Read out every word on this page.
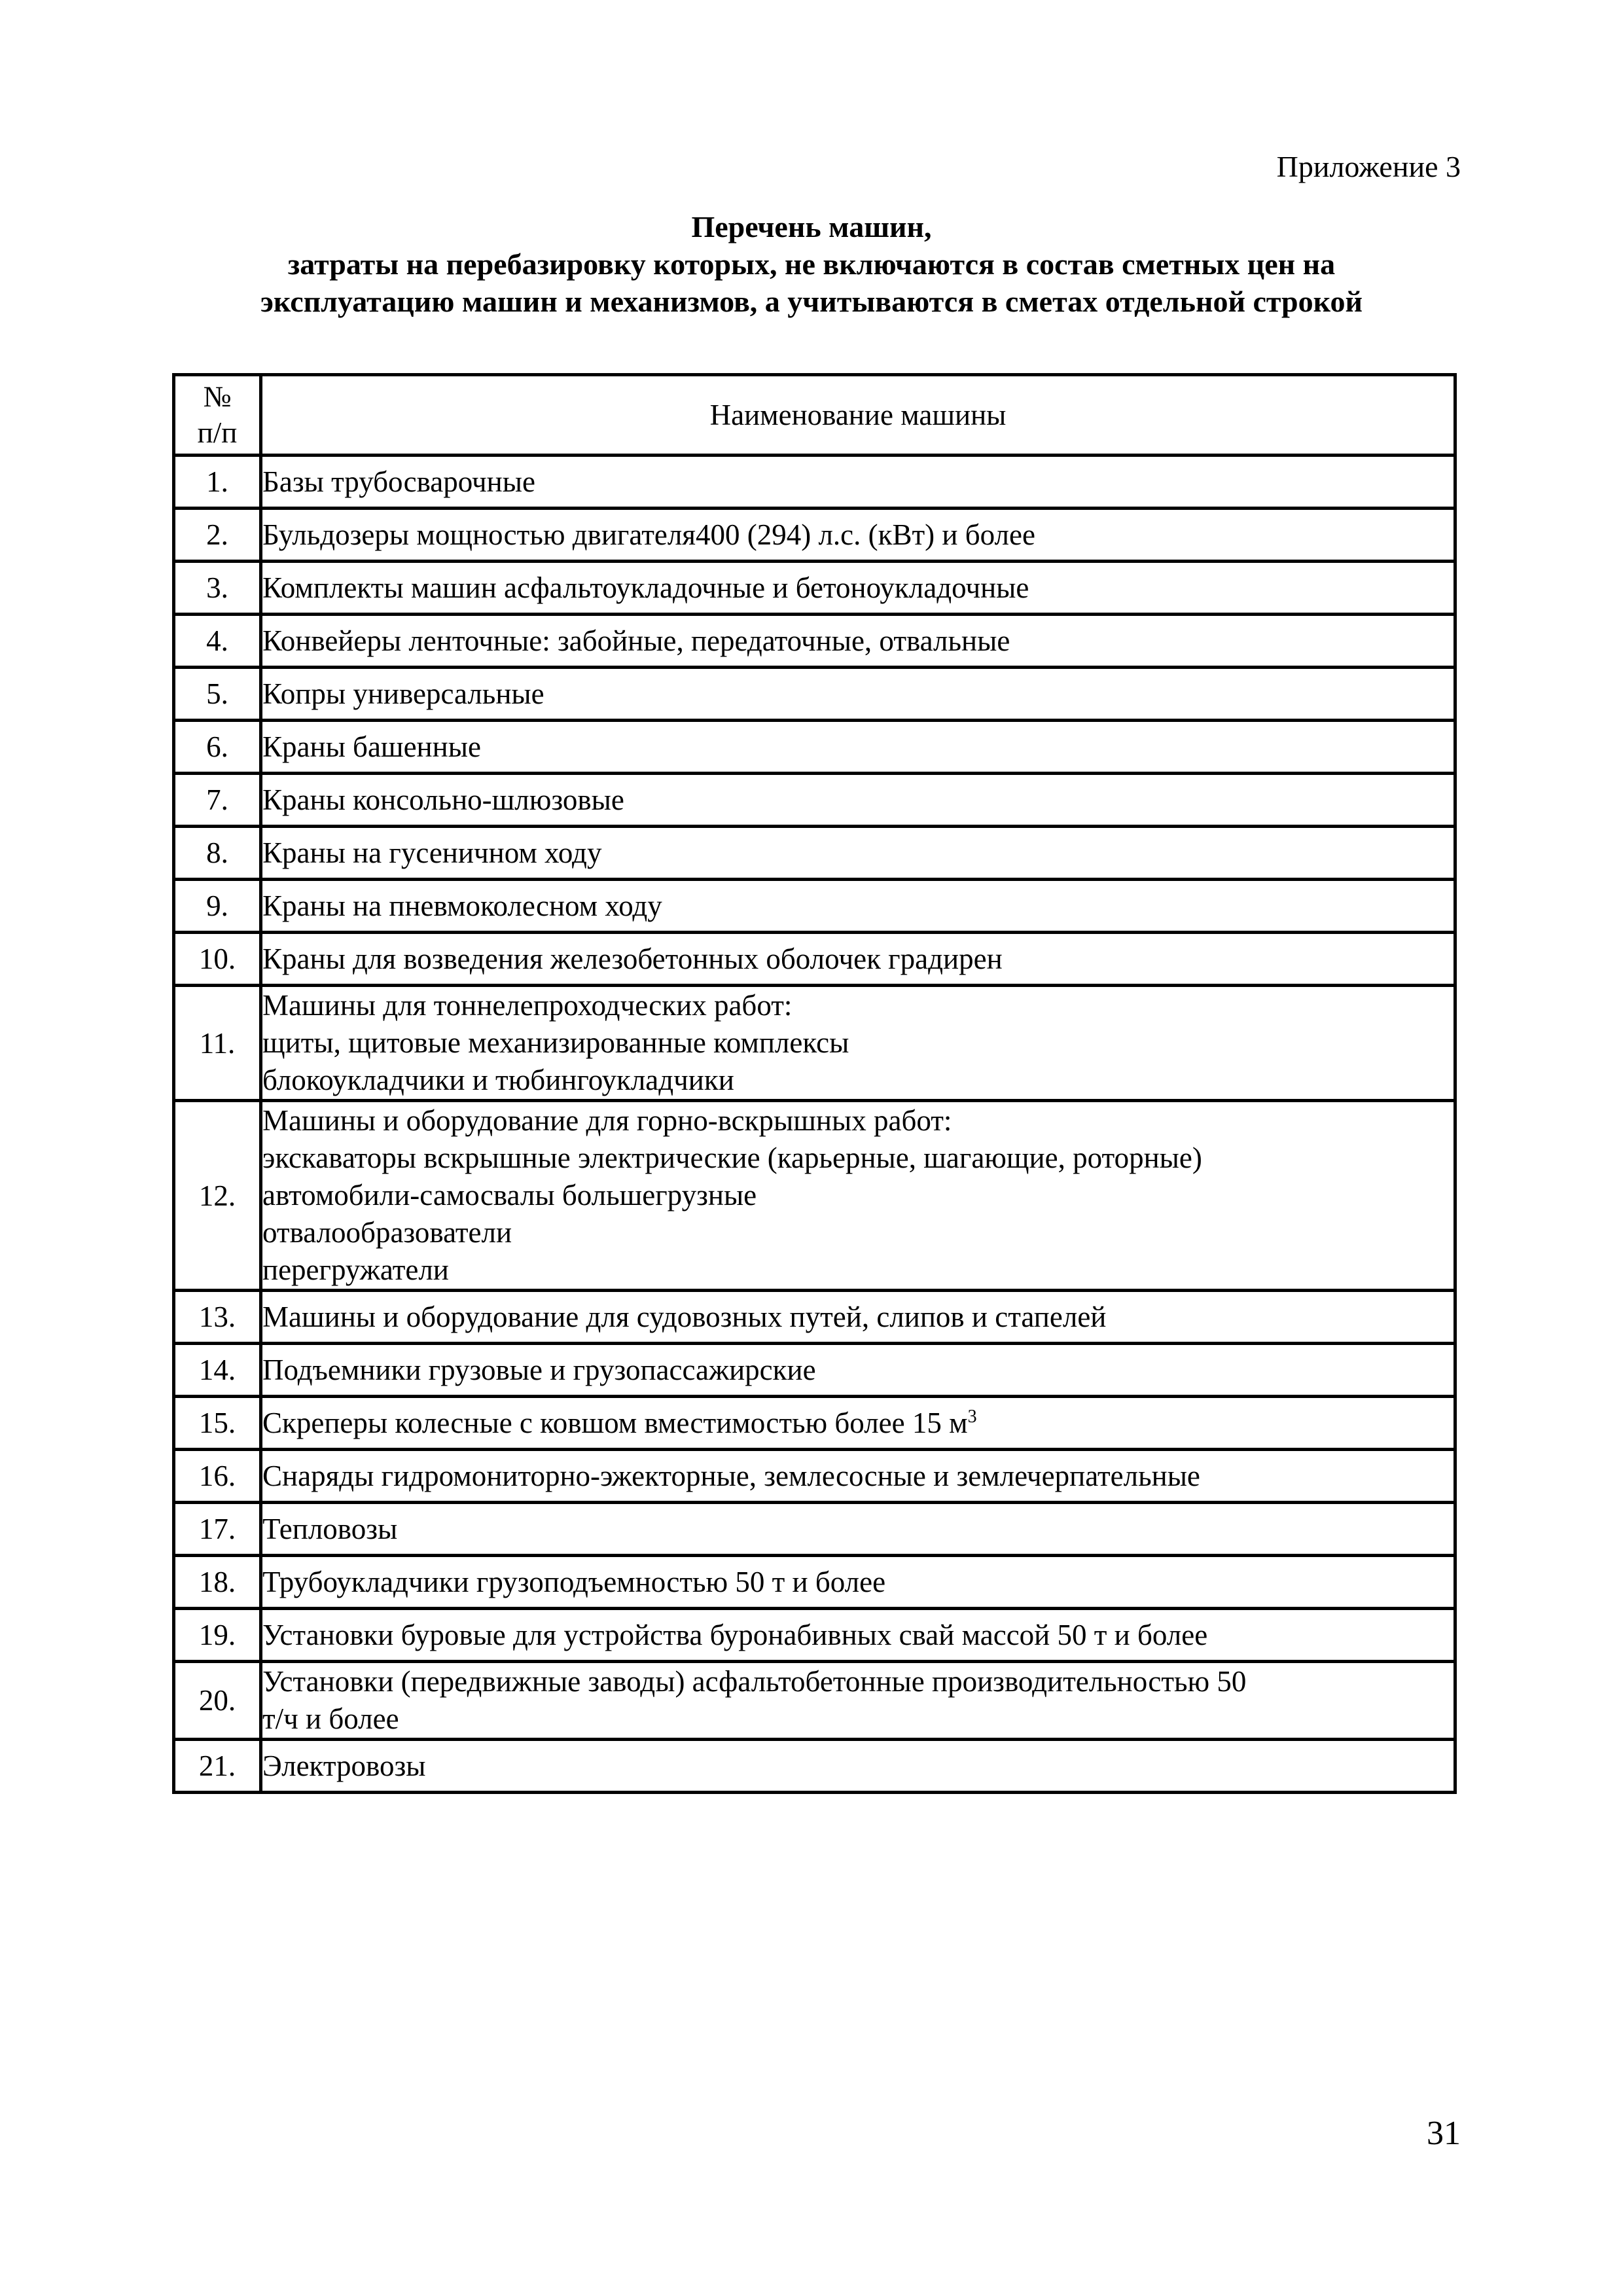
Приложение 3
Перечень машин,
затраты на перебазировку которых, не включаются в состав сметных цен на
эксплуатацию машин и механизмов, а учитываются в сметах отдельной строкой
№
п/п	Наименование машины
1.	Базы трубосварочные

2.	Бульдозеры мощностью двигателя400 (294) л.с. (кВт) и более

3.	Комплекты машин асфальтоукладочные и бетоноукладочные

4.	Конвейеры ленточные: забойные, передаточные, отвальные

5.	Копры универсальные

6.	Краны башенные

7.	Краны консольно-шлюзовые

8.	Краны на гусеничном ходу

9.	Краны на пневмоколесном ходу

10.	Краны для возведения железобетонных оболочек градирен

11.	Машины для тоннелепроходческих работ:
щиты, щитовые механизированные комплексы
блокоукладчики и тюбингоукладчики

12.	Машины и оборудование для горно-вскрышных работ:
экскаваторы вскрышные электрические (карьерные, шагающие, роторные)
автомобили-самосвалы большегрузные
отвалообразователи
перегружатели

13.	Машины и оборудование для судовозных путей, слипов и стапелей

14.	Подъемники грузовые и грузопассажирские

15.	Скреперы колесные с ковшом вместимостью более 15 $м^3$

16.	Снаряды гидромониторно-эжекторные, землесосные и землечерпательные

17.	Тепловозы

18.	Трубоукладчики грузоподъемностью 50 т и более

19.	Установки буровые для устройства буронабивных свай массой 50 т и более

20.	Установки (передвижные заводы) асфальтобетонные производительностью 50
т/ч и более

21.	Электровозы
31
